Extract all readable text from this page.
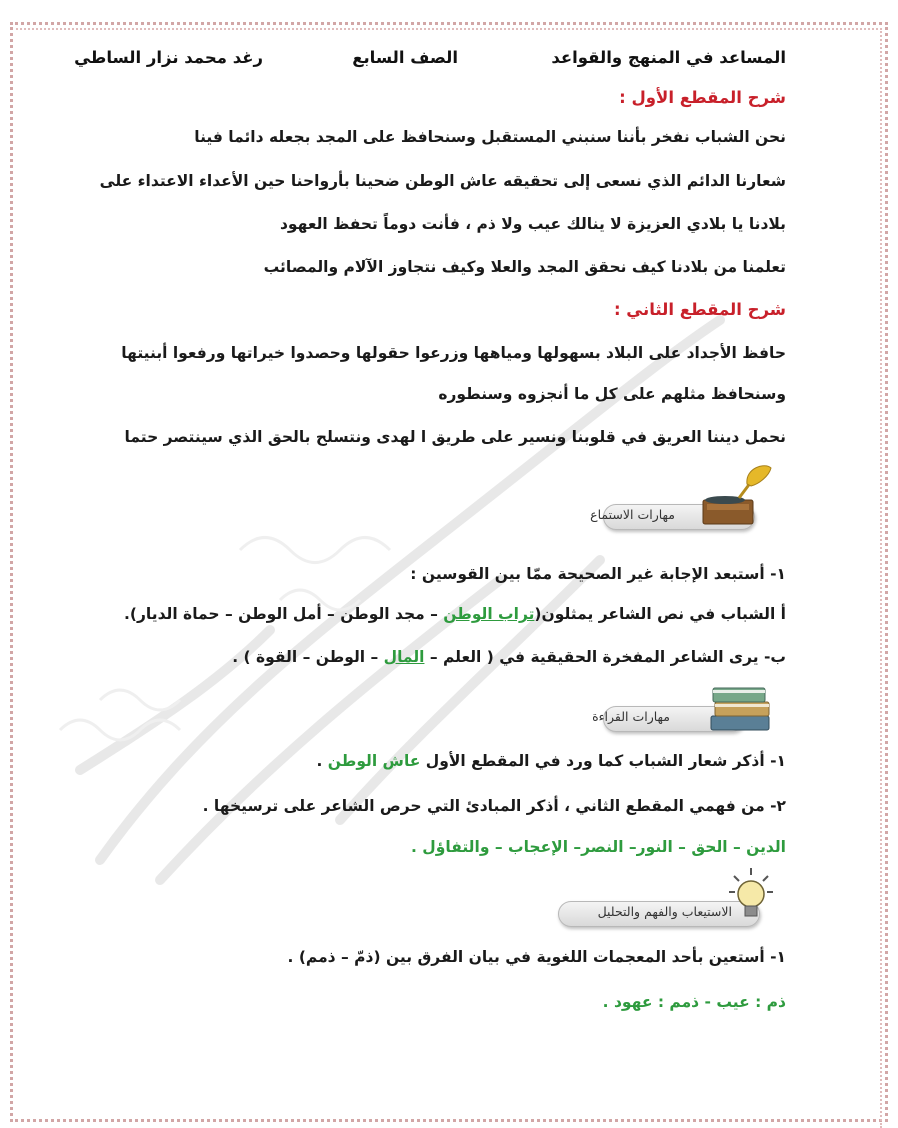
المساعد في المنهج والقواعد
الصف السابع
رغد محمد نزار الساطي
شرح المقطع الأول :
نحن الشباب نفخر بأننا سنبني المستقبل وسنحافظ على المجد بجعله دائما فينا
شعارنا الدائم الذي نسعى إلى تحقيقه عاش الوطن ضحينا بأرواحنا حين الأعداء الاعتداء على
بلادنا يا بلادي العزيزة لا ينالك عيب ولا ذم ، فأنت دوماً تحفظ العهود
تعلمنا من بلادنا كيف نحقق المجد والعلا وكيف نتجاوز الآلام والمصائب
شرح المقطع الثاني :
حافظ الأجداد على البلاد بسهولها ومياهها وزرعوا حقولها وحصدوا خيراتها ورفعوا أبنيتها
وسنحافظ مثلهم على كل ما أنجزوه وسنطوره
نحمل ديننا العريق في قلوبنا ونسير على طريق ا لهدى ونتسلح بالحق الذي سينتصر حتما
مهارات الاستماع
١- أستبعد الإجابة غير الصحيحة ممّا بين القوسين :
أ الشباب في نص الشاعر يمثلون(تراب الوطن – مجد الوطن – أمل الوطن – حماة الديار).
ب- يرى الشاعر المفخرة الحقيقية في ( العلم – المال – الوطن – القوة ) .
مهارات القراءة
١- أذكر شعار الشباب كما ورد في المقطع الأول عاش الوطن .
٢- من فهمي المقطع الثاني ، أذكر المبادئ التي حرص الشاعر على ترسيخها .
الدين – الحق – النور– النصر– الإعجاب – والتفاؤل .
الاستيعاب والفهم والتحليل
١- أستعين بأحد المعجمات اللغوية في بيان الفرق بين (ذمّ – ذمم) .
ذم : عيب - ذمم : عهود .
